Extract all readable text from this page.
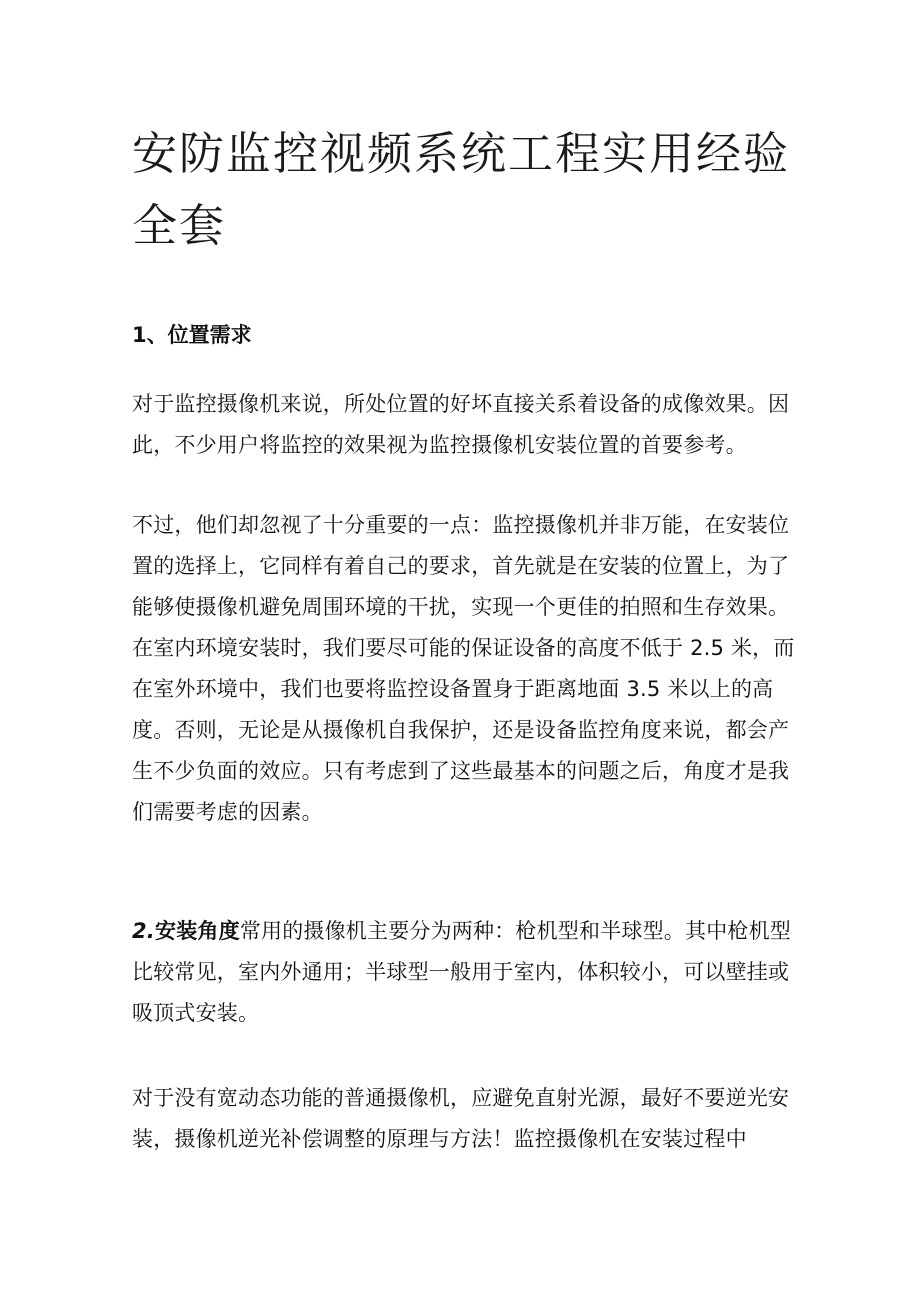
安防监控视频系统工程实用经验全套
1、位置需求

对于监控摄像机来说，所处位置的好坏直接关系着设备的成像效果。因此，不少用户将监控的效果视为监控摄像机安装位置的首要参考。

不过，他们却忽视了十分重要的一点：监控摄像机并非万能，在安装位置的选择上，它同样有着自己的要求，首先就是在安装的位置上，为了能够使摄像机避免周围环境的干扰，实现一个更佳的拍照和生存效果。在室内环境安装时，我们要尽可能的保证设备的高度不低于 2.5 米，而在室外环境中，我们也要将监控设备置身于距离地面 3.5 米以上的高度。否则，无论是从摄像机自我保护，还是设备监控角度来说，都会产生不少负面的效应。只有考虑到了这些最基本的问题之后，角度才是我们需要考虑的因素。

2.安装角度常用的摄像机主要分为两种：枪机型和半球型。其中枪机型比较常见，室内外通用；半球型一般用于室内，体积较小，可以壁挂或吸顶式安装。

对于没有宽动态功能的普通摄像机，应避免直射光源，最好不要逆光安装，摄像机逆光补偿调整的原理与方法！监控摄像机在安装过程中
